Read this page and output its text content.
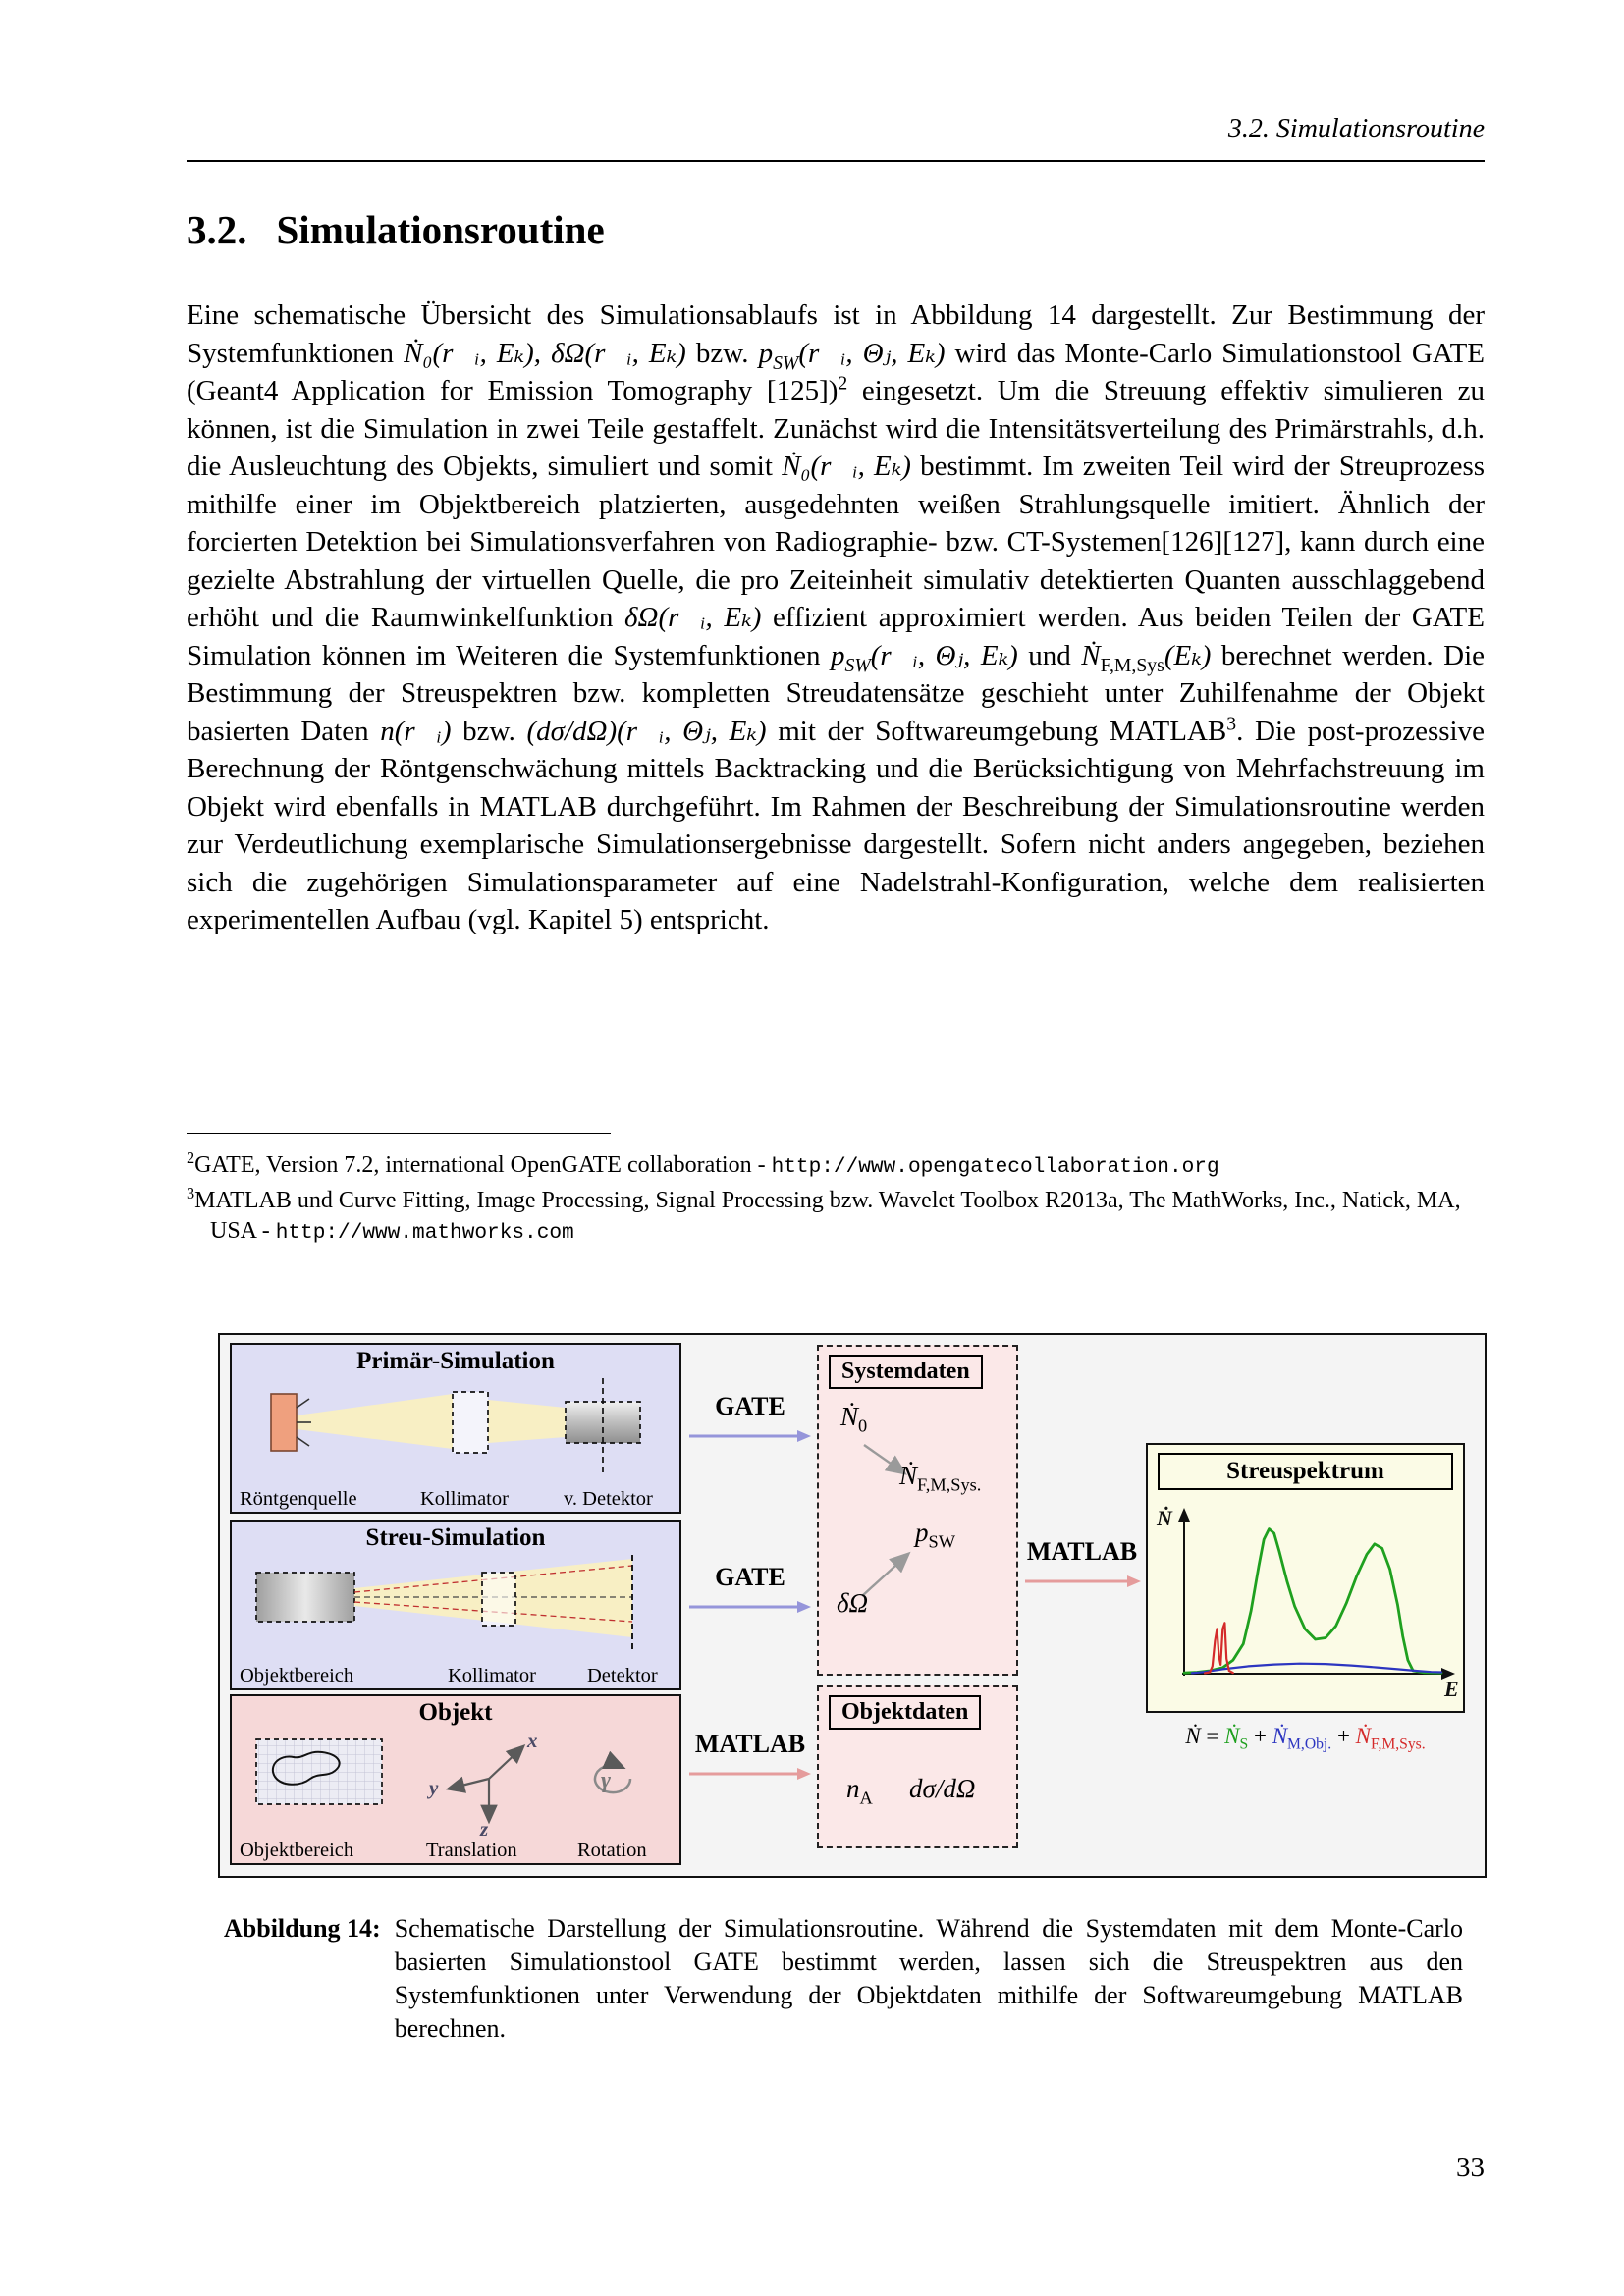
3.2. Simulationsroutine
3.2. Simulationsroutine

Eine schematische Übersicht des Simulationsablaufs ist in Abbildung 14 dargestellt. Zur Bestimmung der Systemfunktionen Ṅ₀(r⃗ᵢ, Eₖ), δΩ(r⃗ᵢ, Eₖ) bzw. $p_{SW}(r⃗ᵢ$, Θⱼ, Eₖ) wird das Monte-Carlo Simulationstool GATE (Geant4 Application for Emission Tomography [125])$^2$ eingesetzt. Um die Streuung effektiv simulieren zu können, ist die Simulation in zwei Teile gestaffelt. Zunächst wird die Intensitätsverteilung des Primärstrahls, d.h. die Ausleuchtung des Objekts, simuliert und somit Ṅ₀(r⃗ᵢ, Eₖ) bestimmt. Im zweiten Teil wird der Streuprozess mithilfe einer im Objektbereich platzierten, ausgedehnten weißen Strahlungsquelle imitiert. Ähnlich der forcierten Detektion bei Simulationsverfahren von Radiographie- bzw. CT-Systemen[126][127], kann durch eine gezielte Abstrahlung der virtuellen Quelle, die pro Zeiteinheit simulativ detektierten Quanten ausschlaggebend erhöht und die Raumwinkelfunktion δΩ(r⃗ᵢ, Eₖ) effizient approximiert werden. Aus beiden Teilen der GATE Simulation können im Weiteren die Systemfunktionen $p_{SW}(r⃗ᵢ$, Θⱼ, Eₖ) und Ṅ$_{F,M,Sys}$(Eₖ) berechnet werden. Die Bestimmung der Streuspektren bzw. kompletten Streudatensätze geschieht unter Zuhilfenahme der Objekt basierten Daten n(r⃗ᵢ) bzw. (dσ/dΩ)(r⃗ᵢ, Θⱼ, Eₖ) mit der Softwareumgebung MATLAB$^3$. Die post-prozessive Berechnung der Röntgenschwächung mittels Backtracking und die Berücksichtigung von Mehrfachstreuung im Objekt wird ebenfalls in MATLAB durchgeführt. Im Rahmen der Beschreibung der Simulationsroutine werden zur Verdeutlichung exemplarische Simulationsergebnisse dargestellt. Sofern nicht anders angegeben, beziehen sich die zugehörigen Simulationsparameter auf eine Nadelstrahl-Konfiguration, welche dem realisierten experimentellen Aufbau (vgl. Kapitel 5) entspricht.

$^2$GATE, Version 7.2, international OpenGATE collaboration - http://www.opengatecollaboration.org
$^3$MATLAB und Curve Fitting, Image Processing, Signal Processing bzw. Wavelet Toolbox R2013a, The MathWorks, Inc., Natick, MA, USA - http://www.mathworks.com
Primär-Simulation
Röntgenquelle	Kollimator	v. Detektor
Streu-Simulation
Objektbereich	Kollimator	Detektor
Objekt
x
y
z
γ
Objektbereich	Translation	Rotation
GATE
GATE
MATLAB
MATLAB
Systemdaten
Ṅ$_0$
Ṅ$_{F,M,Sys.}$
$p_{SW}$
δΩ
Objektdaten
$n_A$ dσ/dΩ
Streuspektrum
Ṅ
E
Ṅ = Ṅ$_S$ + Ṅ$_{M,Obj.}$ + Ṅ$_{F,M,Sys.}$
Abbildung 14: Schematische Darstellung der Simulationsroutine. Während die Systemdaten mit dem Monte-Carlo basierten Simulationstool GATE bestimmt werden, lassen sich die Streuspektren aus den Systemfunktionen unter Verwendung der Objektdaten mithilfe der Softwareumgebung MATLAB berechnen.
33
